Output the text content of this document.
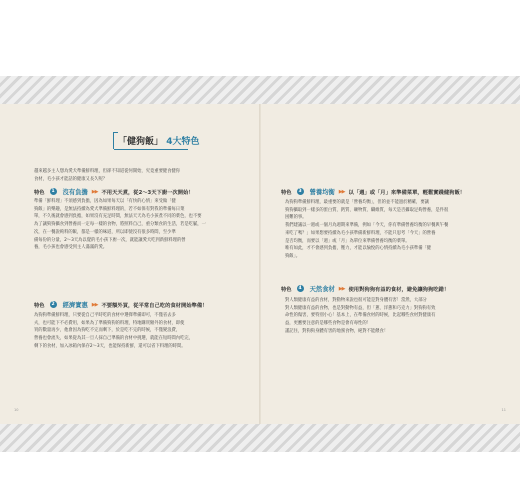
「健狗飯」 4大特色
越來越多主人想為愛犬準備鮮料理，但卻不知道從何開始，究竟重要健食健你
食材，毛小孩才能話的健康又長久呢？
特色	1	沒有負擔 ▶▶ 不用天天煮，從2～3天下廚一次開始！
準備「鮮料理」不須感到負擔，因為如果每天以「有快的心情」來受做「健
狗飯」的樂趣，是無法持續為愛犬準備鮮料理的，若不如保有對我的準備每日菜
單，不久後就會感到負擔，如果沒有充足時間，無法天天為毛小孩煮不同的菜色，也不要
為了讓狗狗攝食到營養而一定每一樣的食物，將照料自己，重分類食的生活，若是吃膩，一
次，在一餐說夠料的飯，都是一樣的味道，所以即使沒有很多時間，至少準
備每份的分量，2～3天為以覺的毛小孩下廚一次，就能讓愛犬吃到新鮮料理的營
養，毛小孩也會感受到主人滿滿的愛。
特色	2	經濟實惠 ▶▶ 不要額外買，從平常自己吃的食材開始準備！
為狗狗準備鮮料理，只要從自己平時吃的食材中選擇準備即可，不僅省去多
夫，也可能下不必費用，如果為了準備狗狗的料理，特地購買額外的食材，即使
買的數量再少，他會因為狗吃不完而剩下，於是吃不完的時候，不僅變浪費，
營養也會流失，如果從為其一旦人採自己準備的食材中挑選，就能在短時間內吃完，
剩下的食材，加入冰箱內保存2～3天，也能保持新鮮，還可以省下料理的時間。
10
特色	3	營養均衡 ▶▶ 以「週」或「月」來準備菜單，輕鬆實踐健狗飯！
為狗狗準備鮮料理，最重要的就是「營養均衡」，但的並不能過於精確，要讓
狗狗攝取到一樣多的蛋白質、鈣質、礦物質、纖維質，每天是否攝取足夠營養，是件很
困難的事。
我們建議以一週或一個月為週期來準備，例如「今天，你有準備營養均衡的早餐與午餐
來吃了嗎？」如果想要持續為毛小孩準備新鮮料理，不能只思考「今天」的營養
是否均衡，而要以「週」或「月」為單位來準備營養均衡的菜單。
唯有如此，才不會感到負擔，壓力，才能以愉悅的心情持續為毛小孩準備「健
狗飯」。
特色	4	天然食材 ▶▶ 使用對狗狗有益的食材，避免讓狗狗吃錯！
對人類健康有益的食材，對動物來說也很可能是對身體有害！當然，大部分
對人類健康有益的食物，也是對動物有益，但「蔥、洋蔥和巧克力」對狗狗有致
命性的傷害，要特別小心！基本上，在準備食材的時候，比起哪些食材對健康有
益，更應要注意的是哪些食物是會有毒性的！
謹記住，對狗狗身體有害的地蜜食物，絕對不能餵食！
11
